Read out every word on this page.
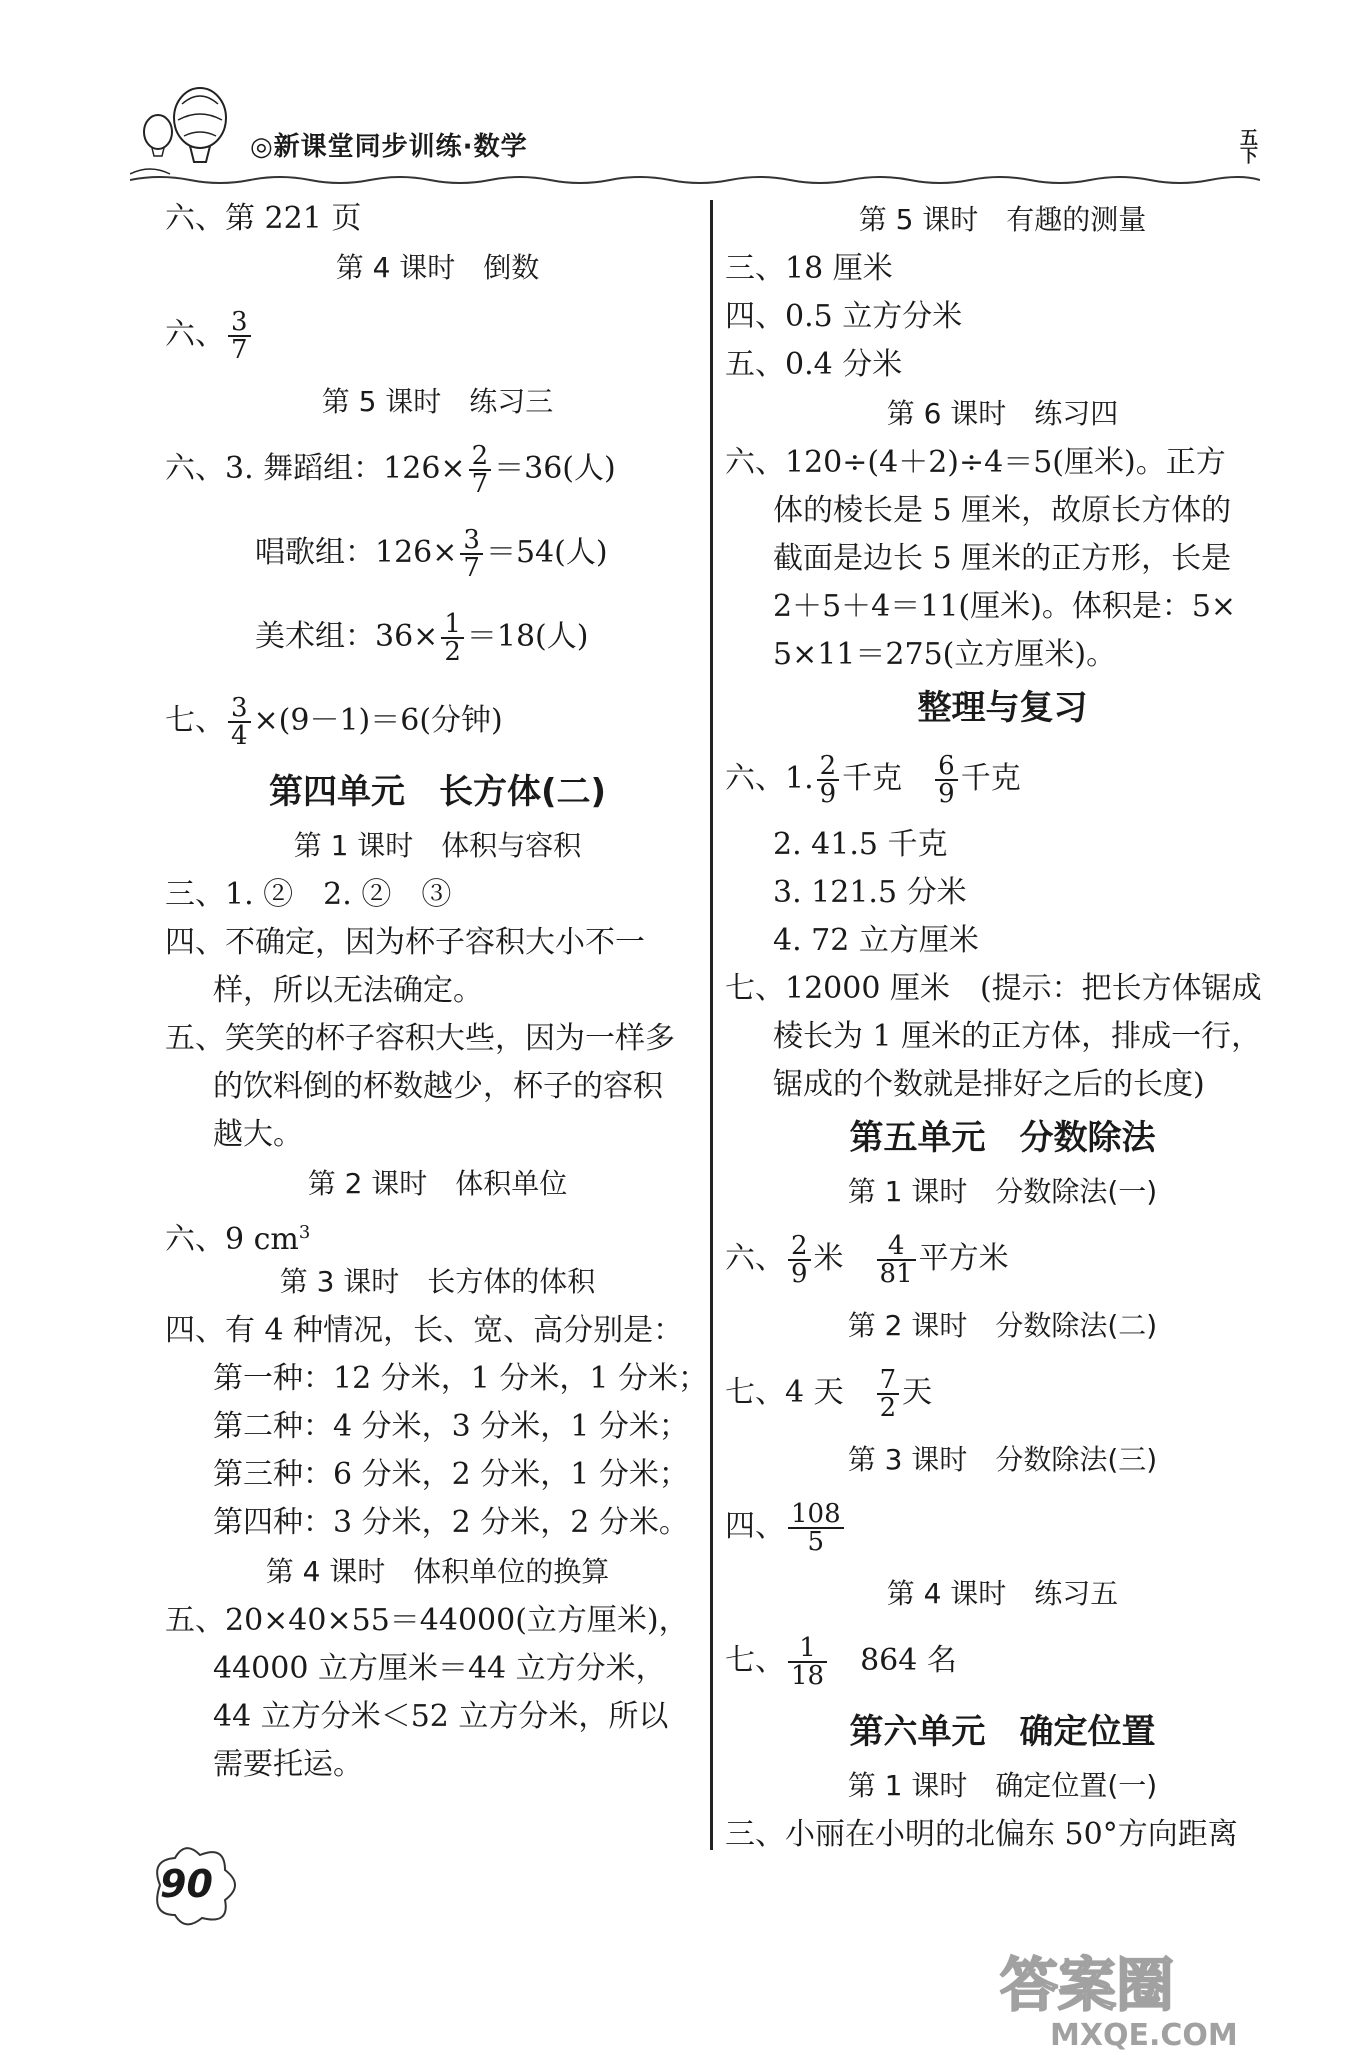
◎新课堂同步训练·数学	五下
六、第 221 页
第 4 课时　倒数
六、 $\frac{3}{7}$
第 5 课时　练习三
六、3. 舞蹈组：$126\times \frac{2}{7} =36$(人)
唱歌组：$126\times \frac{3}{7} =54$(人)
美术组：$36\times \frac{1}{2} =18$(人)
七、 $\frac{3}{4} \times(9-1)=6$(分钟)
第四单元　长方体(二)
第 1 课时　体积与容积
三、1. ②　2. ②　③
四、不确定，因为杯子容积大小不一
样，所以无法确定。
五、笑笑的杯子容积大些，因为一样多
的饮料倒的杯数越少，杯子的容积
越大。
第 2 课时　体积单位
六、9 $cm^3$
第 3 课时　长方体的体积
四、有 4 种情况，长、宽、高分别是：
第一种：12 分米，1 分米，1 分米；
第二种：4 分米，3 分米，1 分米；
第三种：6 分米，2 分米，1 分米；
第四种：3 分米，2 分米，2 分米。
第 4 课时　体积单位的换算
五、20×40×55＝44000(立方厘米)，
44000 立方厘米＝44 立方分米，
44 立方分米＜52 立方分米，所以
需要托运。
第 5 课时　有趣的测量
三、18 厘米
四、0.5 立方分米
五、0.4 分米
第 6 课时　练习四
六、120÷(4＋2)÷4＝5(厘米)。正方
体的棱长是 5 厘米，故原长方体的
截面是边长 5 厘米的正方形，长是
2＋5＋4＝11(厘米)。体积是：5×
5×11＝275(立方厘米)。
整理与复习
六、1. $\frac{2}{9}$ 千克　 $\frac{6}{9}$ 千克
2. 41.5 千克
3. 121.5 分米
4. 72 立方厘米
七、12000 厘米　(提示：把长方体锯成
棱长为 1 厘米的正方体，排成一行，
锯成的个数就是排好之后的长度)
第五单元　分数除法
第 1 课时　分数除法(一)
六、 $\frac{2}{9}$ 米　 $\frac{4}{81}$ 平方米
第 2 课时　分数除法(二)
七、4 天　 $\frac{7}{2}$ 天
第 3 课时　分数除法(三)
四、 $\frac{108}{5}$
第 4 课时　练习五
七、 $\frac{1}{18}$
　 864 名
第六单元　确定位置
第 1 课时　确定位置(一)
三、小丽在小明的北偏东 50°方向距离
90
答案圈
MXQE.COM
